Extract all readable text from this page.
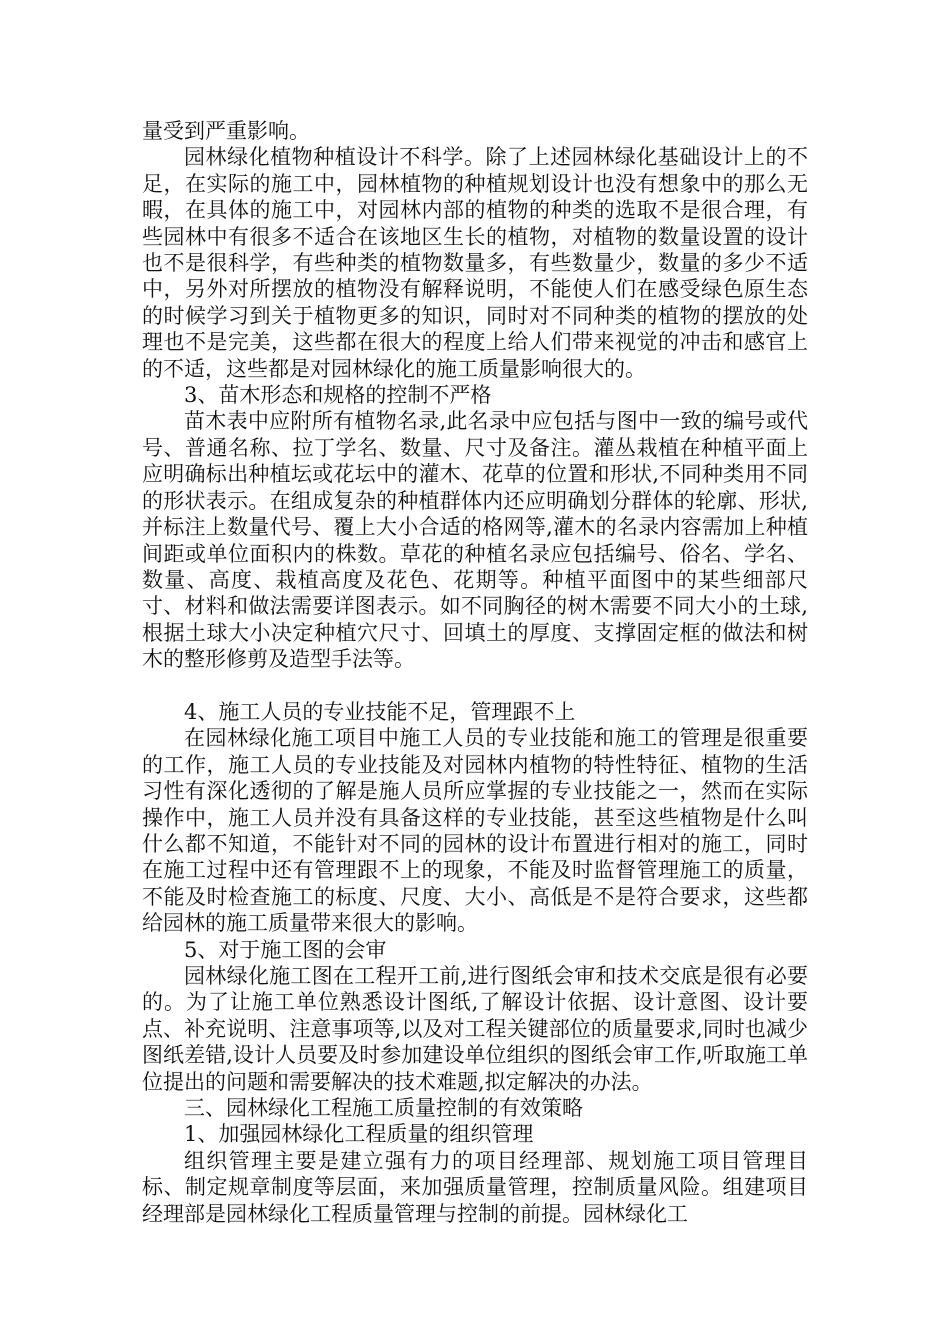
量受到严重影响。

园林绿化植物种植设计不科学。除了上述园林绿化基础设计上的不足，在实际的施工中，园林植物的种植规划设计也没有想象中的那么无暇，在具体的施工中，对园林内部的植物的种类的选取不是很合理，有些园林中有很多不适合在该地区生长的植物，对植物的数量设置的设计也不是很科学，有些种类的植物数量多，有些数量少，数量的多少不适中，另外对所摆放的植物没有解释说明，不能使人们在感受绿色原生态的时候学习到关于植物更多的知识，同时对不同种类的植物的摆放的处理也不是完美，这些都在很大的程度上给人们带来视觉的冲击和感官上的不适，这些都是对园林绿化的施工质量影响很大的。

3、苗木形态和规格的控制不严格

苗木表中应附所有植物名录,此名录中应包括与图中一致的编号或代号、普通名称、拉丁学名、数量、尺寸及备注。灌丛栽植在种植平面上应明确标出种植坛或花坛中的灌木、花草的位置和形状,不同种类用不同的形状表示。在组成复杂的种植群体内还应明确划分群体的轮廓、形状,并标注上数量代号、覆上大小合适的格网等,灌木的名录内容需加上种植间距或单位面积内的株数。草花的种植名录应包括编号、俗名、学名、数量、高度、栽植高度及花色、花期等。种植平面图中的某些细部尺寸、材料和做法需要详图表示。如不同胸径的树木需要不同大小的土球,根据土球大小决定种植穴尺寸、回填土的厚度、支撑固定框的做法和树木的整形修剪及造型手法等。

4、施工人员的专业技能不足，管理跟不上

在园林绿化施工项目中施工人员的专业技能和施工的管理是很重要的工作，施工人员的专业技能及对园林内植物的特性特征、植物的生活习性有深化透彻的了解是施人员所应掌握的专业技能之一，然而在实际操作中，施工人员并没有具备这样的专业技能，甚至这些植物是什么叫什么都不知道，不能针对不同的园林的设计布置进行相对的施工，同时在施工过程中还有管理跟不上的现象，不能及时监督管理施工的质量，不能及时检查施工的标度、尺度、大小、高低是不是符合要求，这些都给园林的施工质量带来很大的影响。

5、对于施工图的会审

园林绿化施工图在工程开工前,进行图纸会审和技术交底是很有必要的。为了让施工单位熟悉设计图纸,了解设计依据、设计意图、设计要点、补充说明、注意事项等,以及对工程关键部位的质量要求,同时也减少图纸差错,设计人员要及时参加建设单位组织的图纸会审工作,听取施工单位提出的问题和需要解决的技术难题,拟定解决的办法。

三、园林绿化工程施工质量控制的有效策略

1、加强园林绿化工程质量的组织管理

组织管理主要是建立强有力的项目经理部、规划施工项目管理目标、制定规章制度等层面，来加强质量管理，控制质量风险。组建项目经理部是园林绿化工程质量管理与控制的前提。园林绿化工
